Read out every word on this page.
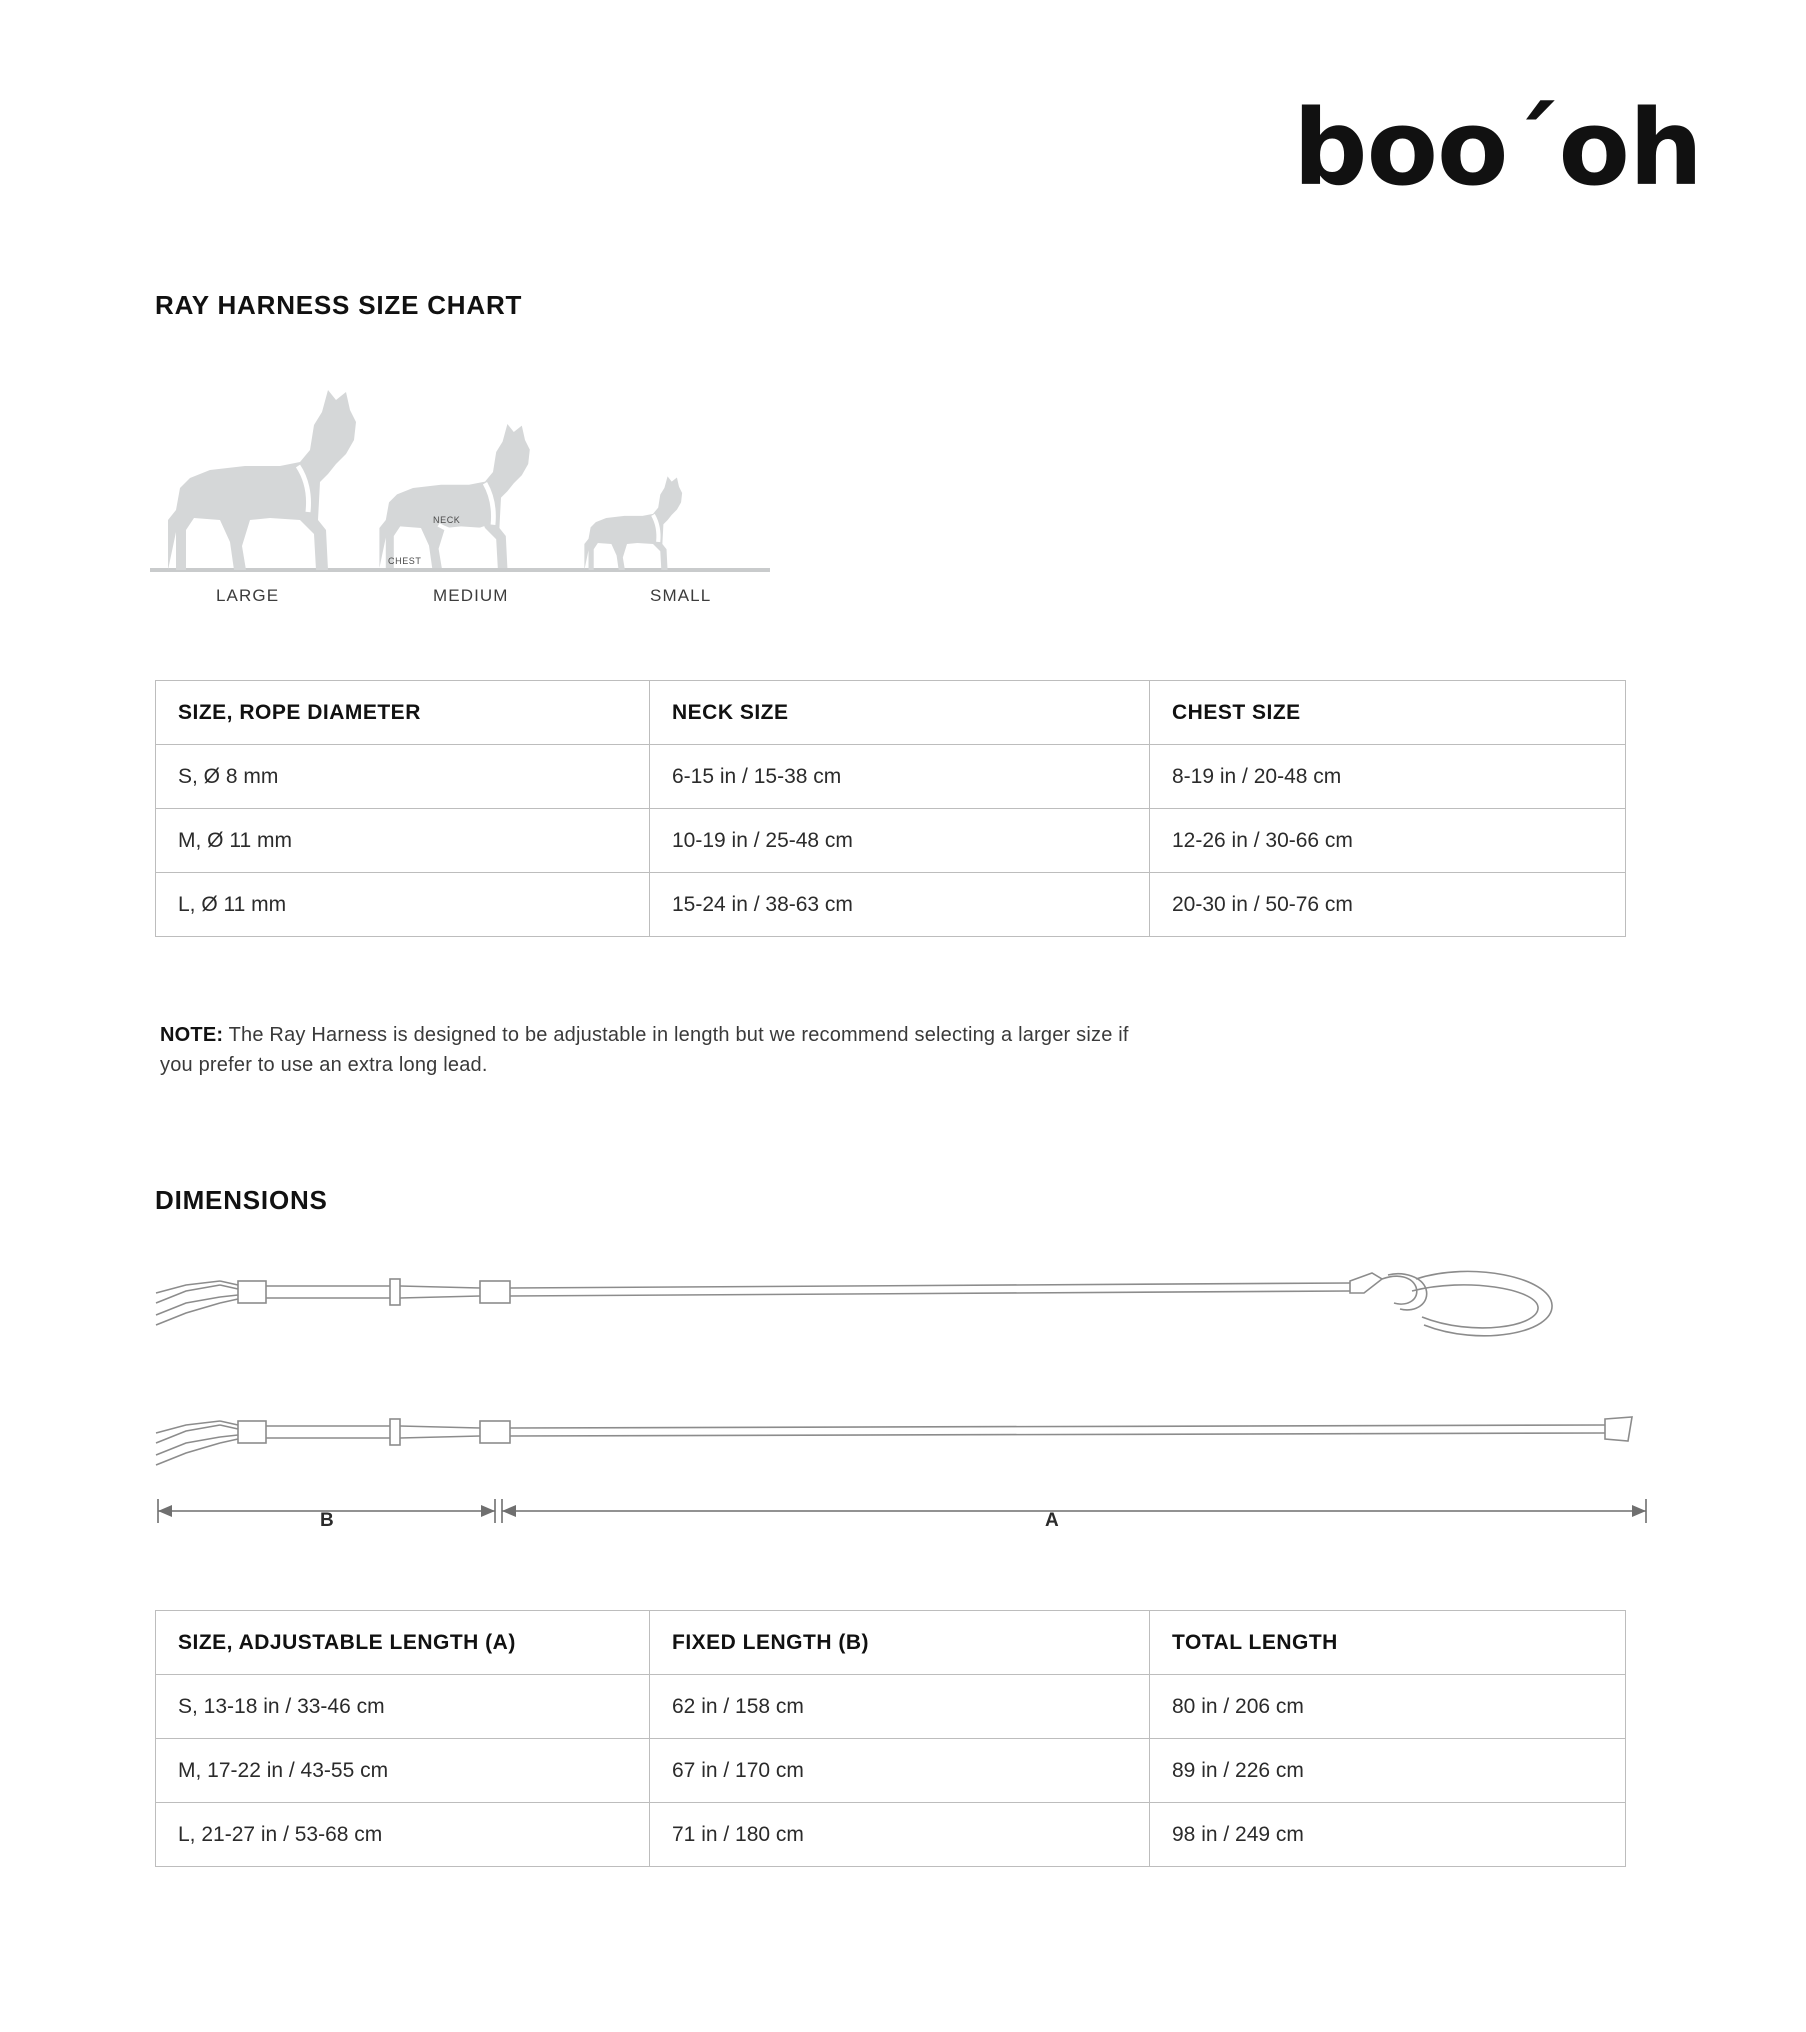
boo´oh
RAY HARNESS SIZE CHART
NECK
CHEST
LARGE	MEDIUM	SMALL
SIZE, ROPE DIAMETER	NECK SIZE	CHEST SIZE
S, Ø 8 mm	6-15 in / 15-38 cm	8-19 in / 20-48 cm
M, Ø 11 mm	10-19 in / 25-48 cm	12-26 in / 30-66 cm
L, Ø 11 mm	15-24 in / 38-63 cm	20-30 in / 50-76 cm

NOTE: The Ray Harness is designed to be adjustable in length but we recommend selecting a larger size if you prefer to use an extra long lead.

DIMENSIONS
B	A
SIZE, ADJUSTABLE LENGTH (A)	FIXED LENGTH (B)	TOTAL LENGTH
S, 13-18 in / 33-46 cm	62 in / 158 cm	80 in / 206 cm
M, 17-22 in / 43-55 cm	67 in / 170 cm	89 in / 226 cm
L, 21-27 in / 53-68 cm	71 in / 180 cm	98 in / 249 cm
